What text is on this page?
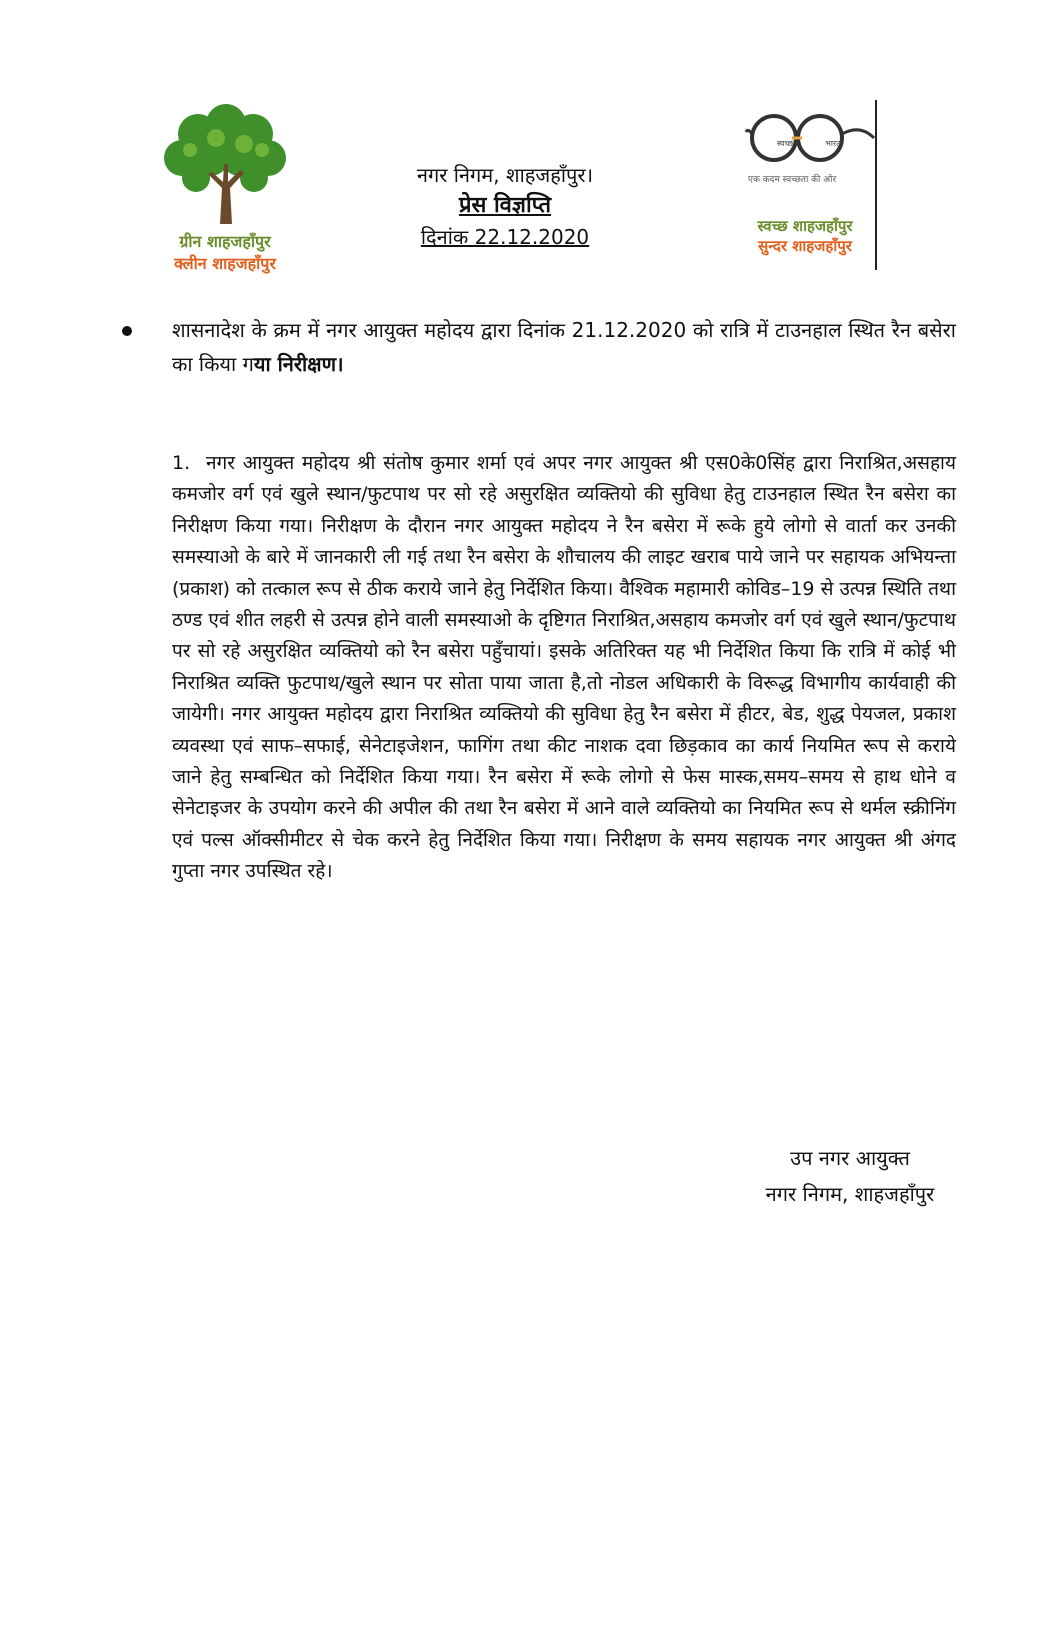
ग्रीन शाहजहाँपुर
क्लीन शाहजहाँपुर
नगर निगम, शाहजहाँपुर।
प्रेस विज्ञप्ति
दिनांक 22.12.2020
स्वच्छ	भारत
एक कदम स्वच्छता की ओर
स्वच्छ शाहजहाँपुर
सुन्दर शाहजहाँपुर
शासनादेश के क्रम में नगर आयुक्त महोदय द्वारा दिनांक 21.12.2020 को रात्रि में टाउनहाल स्थित रैन बसेरा का किया गया निरीक्षण।
1. नगर आयुक्त महोदय श्री संतोष कुमार शर्मा एवं अपर नगर आयुक्त श्री एस0के0सिंह द्वारा निराश्रित,असहाय कमजोर वर्ग एवं खुले स्थान/फुटपाथ पर सो रहे असुरक्षित व्यक्तियो की सुविधा हेतु टाउनहाल स्थित रैन बसेरा का निरीक्षण किया गया। निरीक्षण के दौरान नगर आयुक्त महोदय ने रैन बसेरा में रूके हुये लोगो से वार्ता कर उनकी समस्याओ के बारे में जानकारी ली गई तथा रैन बसेरा के शौचालय की लाइट खराब पाये जाने पर सहायक अभियन्ता (प्रकाश) को तत्काल रूप से ठीक कराये जाने हेतु निर्देशित किया। वैश्विक महामारी कोविड–19 से उत्पन्न स्थिति तथा ठण्ड एवं शीत लहरी से उत्पन्न होने वाली समस्याओ के दृष्टिगत निराश्रित,असहाय कमजोर वर्ग एवं खुले स्थान/फुटपाथ पर सो रहे असुरक्षित व्यक्तियो को रैन बसेरा पहुँचायां। इसके अतिरिक्त यह भी निर्देशित किया कि रात्रि में कोई भी निराश्रित व्यक्ति फुटपाथ/खुले स्थान पर सोता पाया जाता है,तो नोडल अधिकारी के विरूद्ध विभागीय कार्यवाही की जायेगी। नगर आयुक्त महोदय द्वारा निराश्रित व्यक्तियो की सुविधा हेतु रैन बसेरा में हीटर, बेड, शुद्ध पेयजल, प्रकाश व्यवस्था एवं साफ–सफाई, सेनेटाइजेशन, फागिंग तथा कीट नाशक दवा छिड़काव का कार्य नियमित रूप से कराये जाने हेतु सम्बन्धित को निर्देशित किया गया। रैन बसेरा में रूके लोगो से फेस मास्क,समय–समय से हाथ धोने व सेनेटाइजर के उपयोग करने की अपील की तथा रैन बसेरा में आने वाले व्यक्तियो का नियमित रूप से थर्मल स्क्रीनिंग एवं पल्स ऑक्सीमीटर से चेक करने हेतु निर्देशित किया गया। निरीक्षण के समय सहायक नगर आयुक्त श्री अंगद गुप्ता नगर उपस्थित रहे।
उप नगर आयुक्त
नगर निगम, शाहजहाँपुर
